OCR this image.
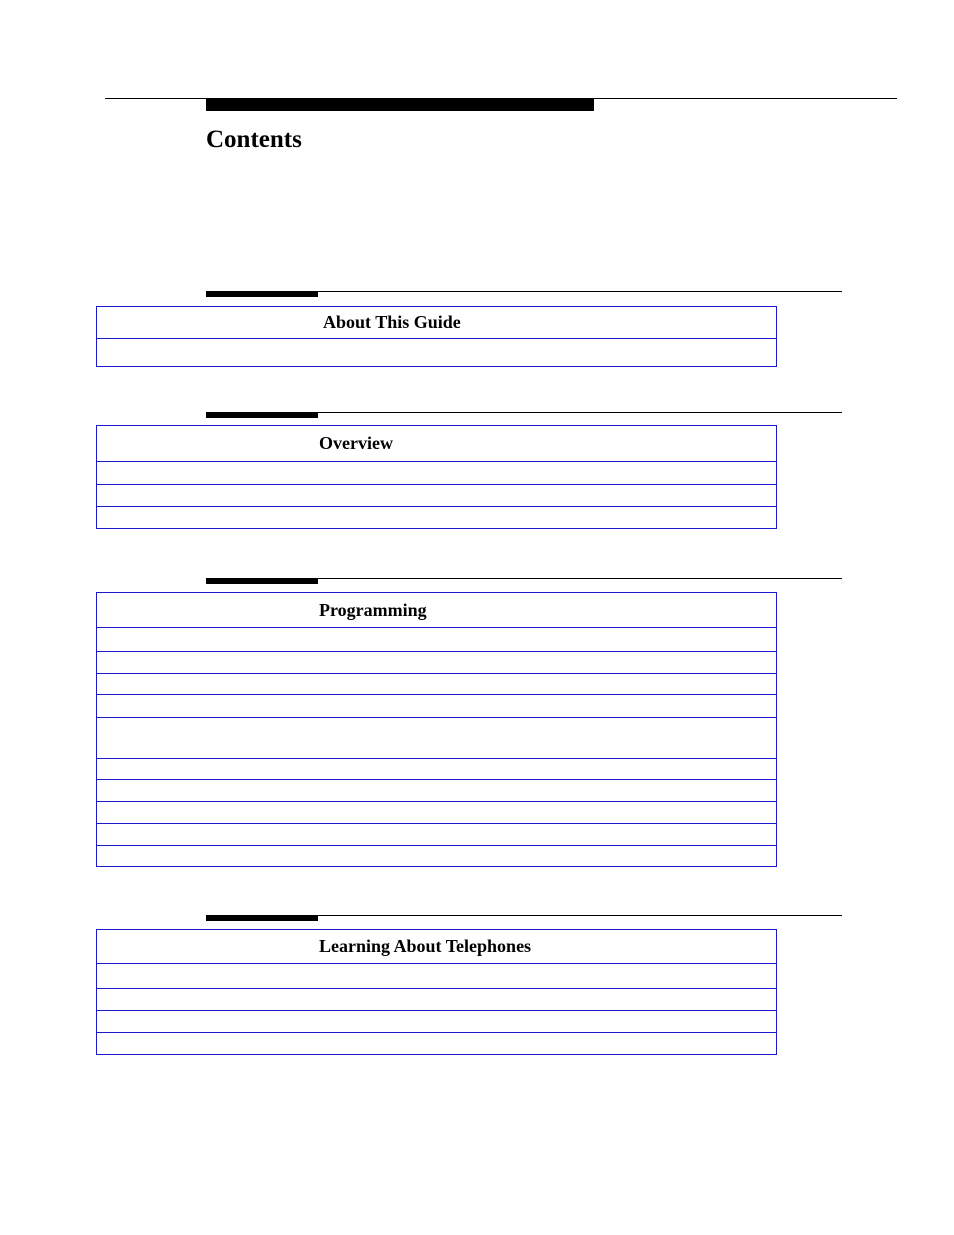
Contents
About This Guide
Overview
Programming
Learning About Telephones
